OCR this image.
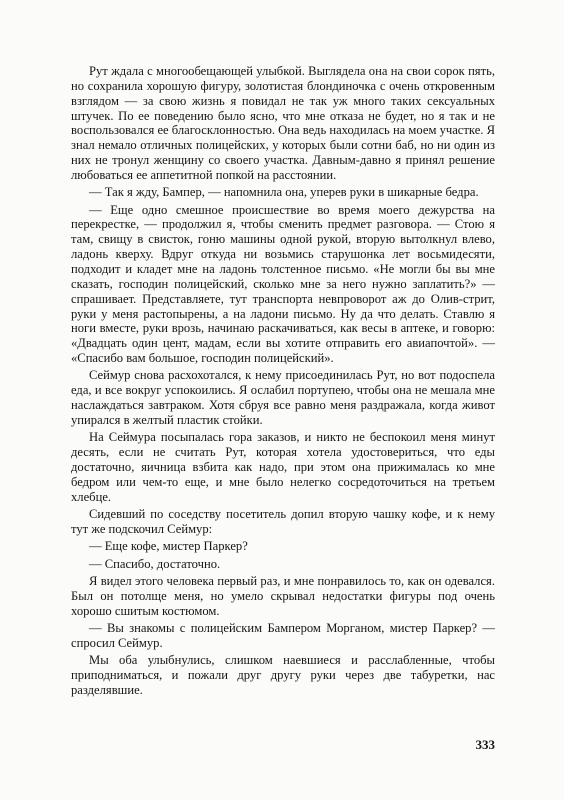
Рут ждала с многообещающей улыбкой. Выглядела она на свои сорок пять, но сохранила хорошую фигуру, золотистая блондиночка с очень откровенным взглядом — за свою жизнь я повидал не так уж много таких сексуальных штучек. По ее поведению было ясно, что мне отказа не будет, но я так и не воспользовался ее благосклонностью. Она ведь находилась на моем участке. Я знал немало отличных полицейских, у которых были сотни баб, но ни один из них не тронул женщину со своего участка. Давным-давно я принял решение любоваться ее аппетитной попкой на расстоянии.

— Так я жду, Бампер, — напомнила она, уперев руки в шикарные бедра.

— Еще одно смешное происшествие во время моего дежурства на перекрестке, — продолжил я, чтобы сменить предмет разговора. — Стою я там, свищу в свисток, гоню машины одной рукой, вторую вытолкнул влево, ладонь кверху. Вдруг откуда ни возьмись старушонка лет восьмидесяти, подходит и кладет мне на ладонь толстенное письмо. «Не могли бы вы мне сказать, господин полицейский, сколько мне за него нужно заплатить?» — спрашивает. Представляете, тут транспорта невпроворот аж до Олив-стрит, руки у меня растопырены, а на ладони письмо. Ну да что делать. Ставлю я ноги вместе, руки врозь, начинаю раскачиваться, как весы в аптеке, и говорю: «Двадцать один цент, мадам, если вы хотите отправить его авиапочтой». — «Спасибо вам большое, господин полицейский».

Сеймур снова расхохотался, к нему присоединилась Рут, но вот подоспела еда, и все вокруг успокоились. Я ослабил портупею, чтобы она не мешала мне наслаждаться завтраком. Хотя сбруя все равно меня раздражала, когда живот упирался в желтый пластик стойки.

На Сеймура посыпалась гора заказов, и никто не беспокоил меня минут десять, если не считать Рут, которая хотела удостовериться, что еды достаточно, яичница взбита как надо, при этом она прижималась ко мне бедром или чем-то еще, и мне было нелегко сосредоточиться на третьем хлебце.

Сидевший по соседству посетитель допил вторую чашку кофе, и к нему тут же подскочил Сеймур:

— Еще кофе, мистер Паркер?

— Спасибо, достаточно.

Я видел этого человека первый раз, и мне понравилось то, как он одевался. Был он потолще меня, но умело скрывал недостатки фигуры под очень хорошо сшитым костюмом.

— Вы знакомы с полицейским Бампером Морганом, мистер Паркер? — спросил Сеймур.

Мы оба улыбнулись, слишком наевшиеся и расслабленные, чтобы приподниматься, и пожали друг другу руки через две табуретки, нас разделявшие.

333
